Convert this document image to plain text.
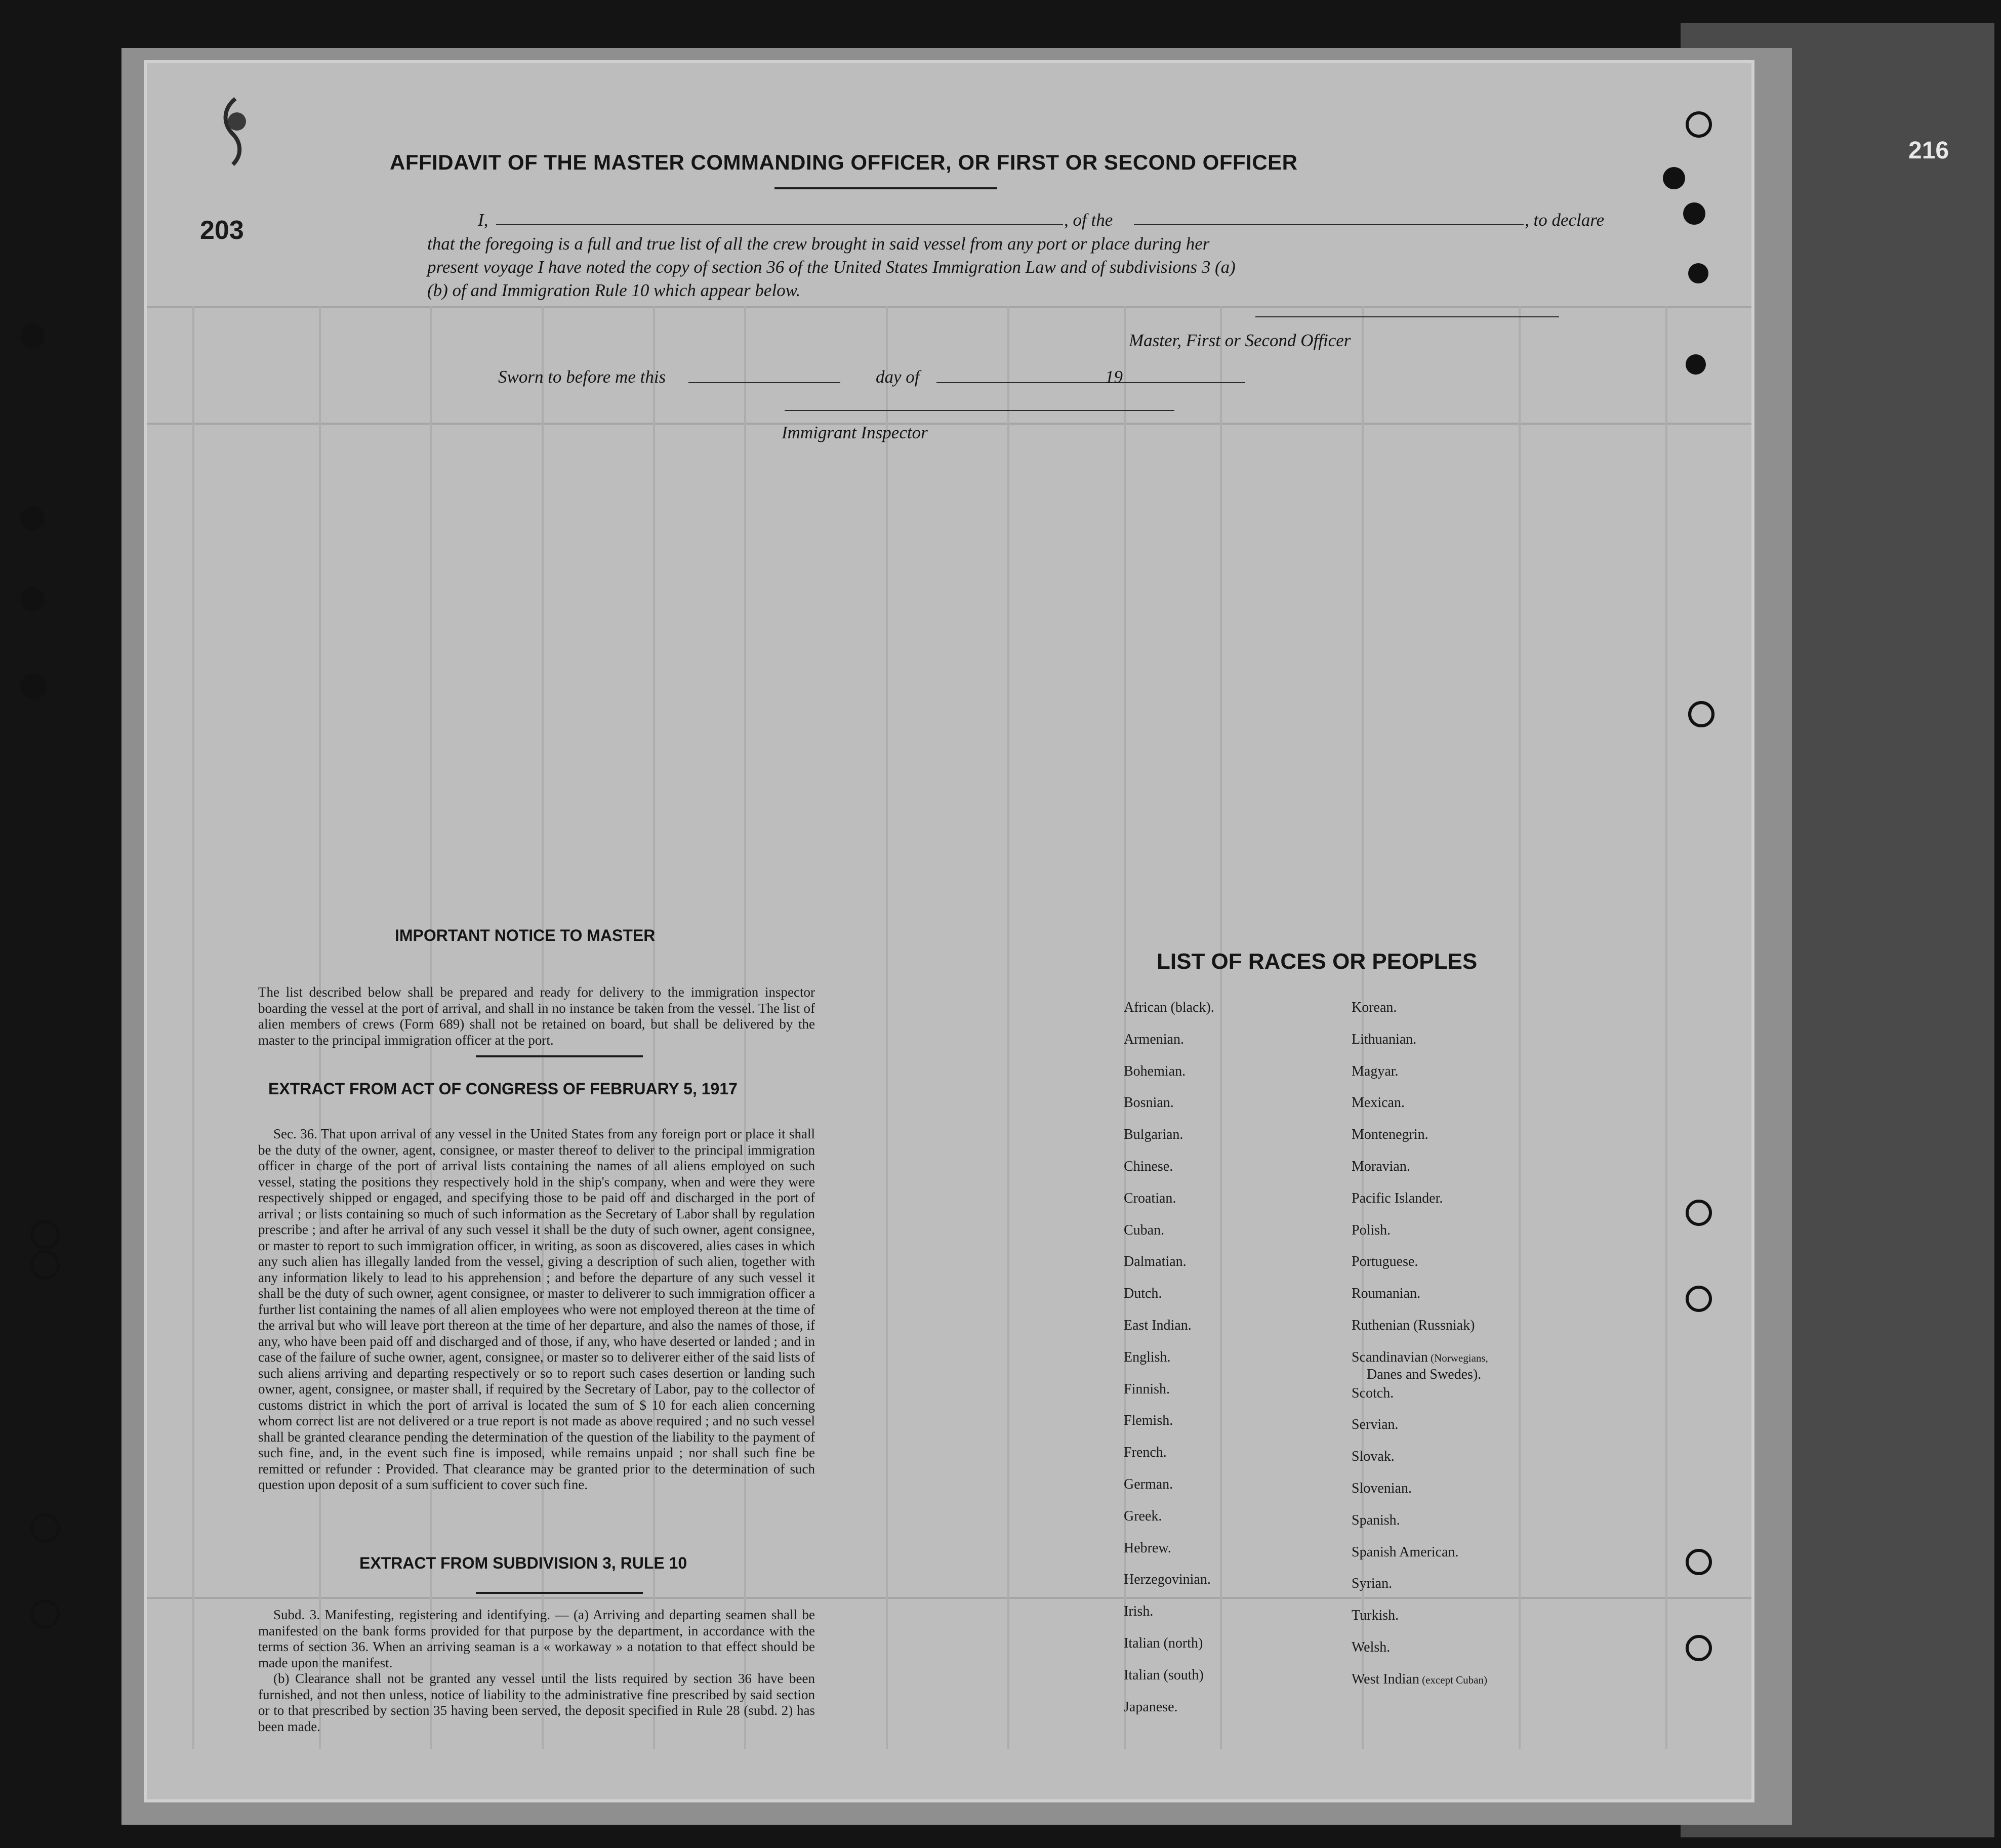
203
AFFIDAVIT OF THE MASTER COMMANDING OFFICER, OR FIRST OR SECOND OFFICER
I,	, of the	, to declare
that the foregoing is a full and true list of all the crew brought in said vessel from any port or place during her
present voyage I have noted the copy of section 36 of the United States Immigration Law and of subdivisions 3 (a)
(b) of and Immigration Rule 10 which appear below.
Master, First or Second Officer
Sworn to before me this	day of	19
Immigrant Inspector
IMPORTANT NOTICE TO MASTER
The list described below shall be prepared and ready for delivery to the immigration inspector boarding the vessel at the port of arrival, and shall in no instance be taken from the vessel. The list of alien members of crews (Form 689) shall not be retained on board, but shall be delivered by the master to the principal immigration officer at the port.
EXTRACT FROM ACT OF CONGRESS OF FEBRUARY 5, 1917
Sec. 36. That upon arrival of any vessel in the United States from any foreign port or place it shall be the duty of the owner, agent, consignee, or master thereof to deliver to the principal immigration officer in charge of the port of arrival lists containing the names of all aliens employed on such vessel, stating the positions they respectively hold in the ship's company, when and were they were respectively shipped or engaged, and specifying those to be paid off and discharged in the port of arrival ; or lists containing so much of such information as the Secretary of Labor shall by regulation prescribe ; and after he arrival of any such vessel it shall be the duty of such owner, agent consignee, or master to report to such immigration officer, in writing, as soon as discovered, alies cases in which any such alien has illegally landed from the vessel, giving a description of such alien, together with any information likely to lead to his apprehension ; and before the departure of any such vessel it shall be the duty of such owner, agent consignee, or master to deliverer to such immigration officer a further list containing the names of all alien employees who were not employed thereon at the time of the arrival but who will leave port thereon at the time of her departure, and also the names of those, if any, who have been paid off and discharged and of those, if any, who have deserted or landed ; and in case of the failure of suche owner, agent, consignee, or master so to deliverer either of the said lists of such aliens arriving and departing respectively or so to report such cases desertion or landing such owner, agent, consignee, or master shall, if required by the Secretary of Labor, pay to the collector of customs district in which the port of arrival is located the sum of $ 10 for each alien concerning whom correct list are not delivered or a true report is not made as above required ; and no such vessel shall be granted clearance pending the determination of the question of the liability to the payment of such fine, and, in the event such fine is imposed, while remains unpaid ; nor shall such fine be remitted or refunder : Provided. That clearance may be granted prior to the determination of such question upon deposit of a sum sufficient to cover such fine.
EXTRACT FROM SUBDIVISION 3, RULE 10
Subd. 3. Manifesting, registering and identifying. — (a) Arriving and departing seamen shall be manifested on the bank forms provided for that purpose by the department, in accordance with the terms of section 36. When an arriving seaman is a « workaway » a notation to that effect should be made upon the manifest.
(b) Clearance shall not be granted any vessel until the lists required by section 36 have been furnished, and not then unless, notice of liability to the administrative fine prescribed by said section or to that prescribed by section 35 having been served, the deposit specified in Rule 28 (subd. 2) has been made.
LIST OF RACES OR PEOPLES
African (black).
Armenian.
Bohemian.
Bosnian.
Bulgarian.
Chinese.
Croatian.
Cuban.
Dalmatian.
Dutch.
East Indian.
English.
Finnish.
Flemish.
French.
German.
Greek.
Hebrew.
Herzegovinian.
Irish.
Italian (north)
Italian (south)
Japanese.
Korean.
Lithuanian.
Magyar.
Mexican.
Montenegrin.
Moravian.
Pacific Islander.
Polish.
Portuguese.
Roumanian.
Ruthenian (Russniak)
Scandinavian (Norwegians,
Danes and Swedes).
Scotch.
Servian.
Slovak.
Slovenian.
Spanish.
Spanish American.
Syrian.
Turkish.
Welsh.
West Indian (except Cuban)
216
